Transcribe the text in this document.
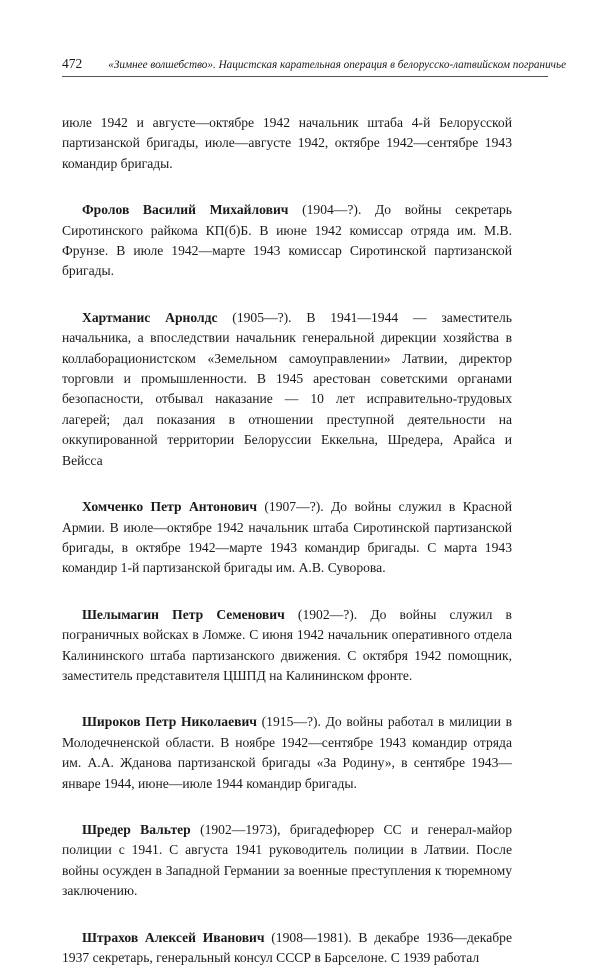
472 «Зимнее волшебство». Нацистская карательная операция в белорусско-латвийском пограничье

июле 1942 и августе—октябре 1942 начальник штаба 4-й Белорусской партизанской бригады, июле—августе 1942, октябре 1942—сентябре 1943 командир бригады.

Фролов Василий Михайлович (1904—?). До войны секретарь Сиротинского райкома КП(б)Б. В июне 1942 комиссар отряда им. М.В. Фрунзе. В июле 1942—марте 1943 комиссар Сиротинской партизанской бригады.

Хартманис Арнолдс (1905—?). В 1941—1944 — заместитель начальника, а впоследствии начальник генеральной дирекции хозяйства в коллаборационистском «Земельном самоуправлении» Латвии, директор торговли и промышленности. В 1945 арестован советскими органами безопасности, отбывал наказание — 10 лет исправительно-трудовых лагерей; дал показания в отношении преступной деятельности на оккупированной территории Белоруссии Еккельна, Шредера, Арайса и Вейсса

Хомченко Петр Антонович (1907—?). До войны служил в Красной Армии. В июле—октябре 1942 начальник штаба Сиротинской партизанской бригады, в октябре 1942—марте 1943 командир бригады. С марта 1943 командир 1-й партизанской бригады им. А.В. Суворова.

Шелымагин Петр Семенович (1902—?). До войны служил в пограничных войсках в Ломже. С июня 1942 начальник оперативного отдела Калининского штаба партизанского движения. С октября 1942 помощник, заместитель представителя ЦШПД на Калининском фронте.

Широков Петр Николаевич (1915—?). До войны работал в милиции в Молодечненской области. В ноябре 1942—сентябре 1943 командир отряда им. А.А. Жданова партизанской бригады «За Родину», в сентябре 1943—январе 1944, июне—июле 1944 командир бригады.

Шредер Вальтер (1902—1973), бригадефюрер СС и генерал-майор полиции с 1941. С августа 1941 руководитель полиции в Латвии. После войны осужден в Западной Германии за военные преступления к тюремному заключению.

Штрахов Алексей Иванович (1908—1981). В декабре 1936—декабре 1937 секретарь, генеральный консул СССР в Барселоне. С 1939 работал
